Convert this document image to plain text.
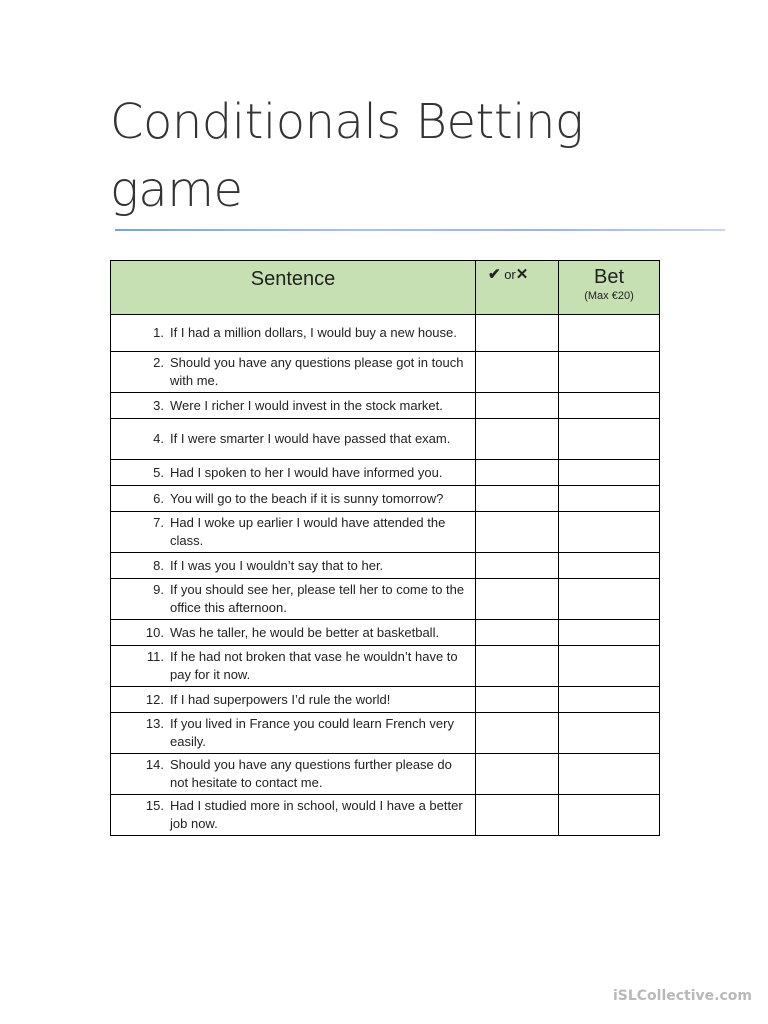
Conditionals Betting game
Sentence	✔ or✕	Bet
(Max €20)

1. If I had a million dollars, I would buy a new house.		

2. Should you have any questions please got in touch with me.		

3. Were I richer I would invest in the stock market.		

4. If I were smarter I would have passed that exam.		

5. Had I spoken to her I would have informed you.		

6. You will go to the beach if it is sunny tomorrow?		

7. Had I woke up earlier I would have attended the class.		

8. If I was you I wouldn’t say that to her.		

9. If you should see her, please tell her to come to the office this afternoon.		

10. Was he taller, he would be better at basketball.		

11. If he had not broken that vase he wouldn’t have to pay for it now.		

12. If I had superpowers I’d rule the world!		

13. If you lived in France you could learn French very easily.		

14. Should you have any questions further please do not hesitate to contact me.		

15. Had I studied more in school, would I have a better job now.		

iSLCollective.com
